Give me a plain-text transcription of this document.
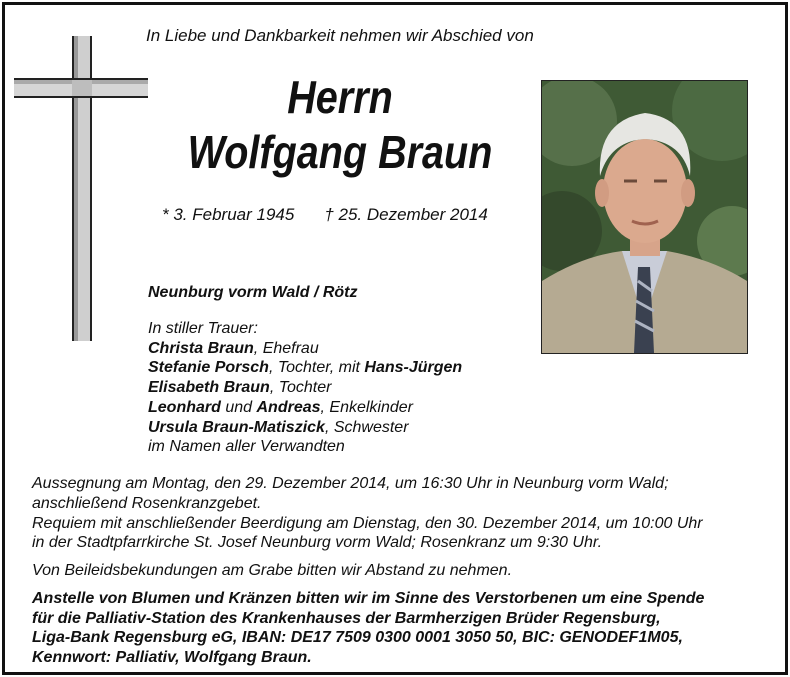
In Liebe und Dankbarkeit nehmen wir Abschied von
Herrn
Wolfgang Braun
* 3. Februar 1945 † 25. Dezember 2014
Neunburg vorm Wald / Rötz
In stiller Trauer:
Christa Braun, Ehefrau
Stefanie Porsch, Tochter, mit Hans-Jürgen
Elisabeth Braun, Tochter
Leonhard und Andreas, Enkelkinder
Ursula Braun-Matiszick, Schwester
im Namen aller Verwandten
Aussegnung am Montag, den 29. Dezember 2014, um 16:30 Uhr in Neunburg vorm Wald;
anschließend Rosenkranzgebet.
Requiem mit anschließender Beerdigung am Dienstag, den 30. Dezember 2014, um 10:00 Uhr
in der Stadtpfarrkirche St. Josef Neunburg vorm Wald; Rosenkranz um 9:30 Uhr.
Von Beileidsbekundungen am Grabe bitten wir Abstand zu nehmen.
Anstelle von Blumen und Kränzen bitten wir im Sinne des Verstorbenen um eine Spende
für die Palliativ-Station des Krankenhauses der Barmherzigen Brüder Regensburg,
Liga-Bank Regensburg eG, IBAN: DE17 7509 0300 0001 3050 50, BIC: GENODEF1M05,
Kennwort: Palliativ, Wolfgang Braun.
